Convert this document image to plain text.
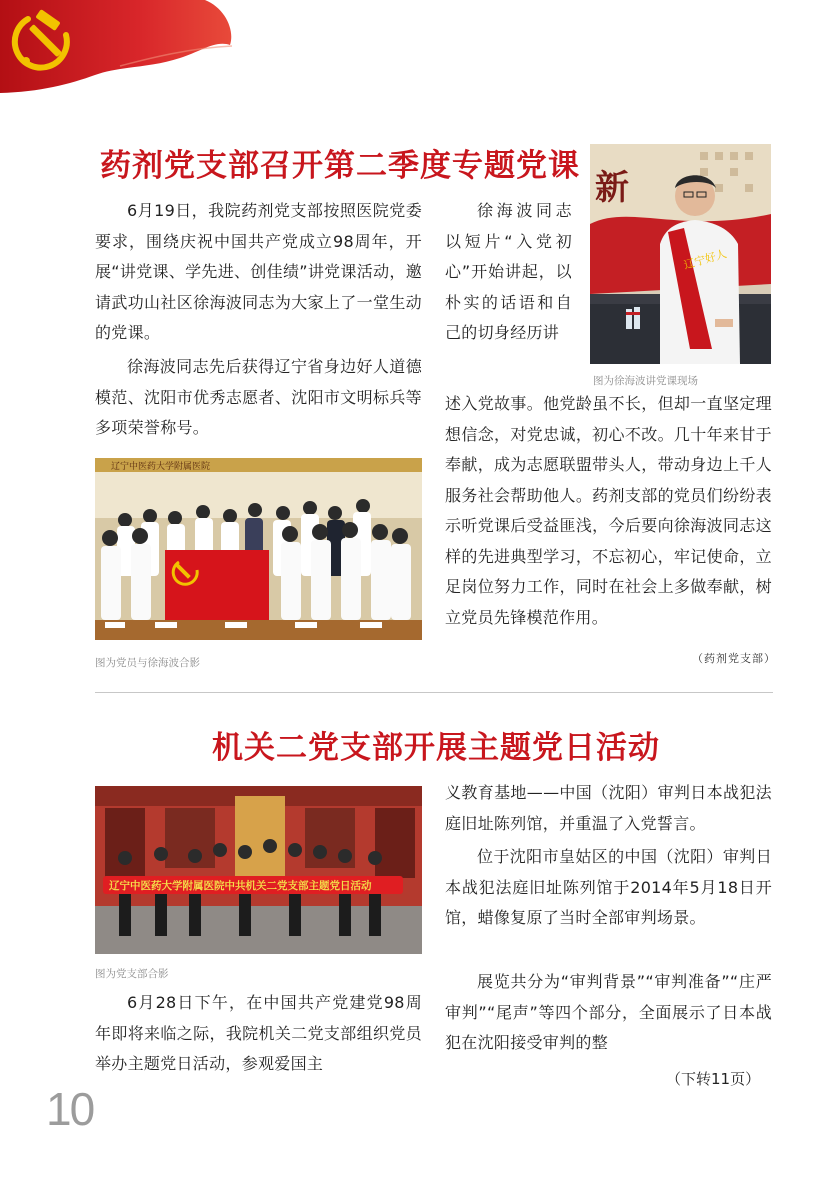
药剂党支部召开第二季度专题党课

6月19日，我院药剂党支部按照医院党委要求，围绕庆祝中国共产党成立98周年，开展“讲党课、学先进、创佳绩”讲党课活动，邀请武功山社区徐海波同志为大家上了一堂生动的党课。

徐海波同志先后获得辽宁省身边好人道德模范、沈阳市优秀志愿者、沈阳市文明标兵等多项荣誉称号。

徐海波同志以短片“入党初心”开始讲起，以朴实的话语和自己的切身经历讲

述入党故事。他党龄虽不长，但却一直坚定理想信念，对党忠诚，初心不改。几十年来甘于奉献，成为志愿联盟带头人，带动身边上千人服务社会帮助他人。药剂支部的党员们纷纷表示听党课后受益匪浅，今后要向徐海波同志这样的先进典型学习，不忘初心，牢记使命，立足岗位努力工作，同时在社会上多做奉献，树立党员先锋模范作用。

（药剂党支部）
新
辽宁好人
图为徐海波讲党课现场
辽宁中医药大学附属医院
图为党员与徐海波合影
机关二党支部开展主题党日活动
辽宁中医药大学附属医院中共机关二党支部主题党日活动
图为党支部合影

6月28日下午，在中国共产党建党98周年即将来临之际，我院机关二党支部组织党员举办主题党日活动，参观爱国主

义教育基地——中国（沈阳）审判日本战犯法庭旧址陈列馆，并重温了入党誓言。

位于沈阳市皇姑区的中国（沈阳）审判日本战犯法庭旧址陈列馆于2014年5月18日开馆，蜡像复原了当时全部审判场景。

展览共分为“审判背景”“审判准备”“庄严审判”“尾声”等四个部分，全面展示了日本战犯在沈阳接受审判的整

（下转11页）
10
